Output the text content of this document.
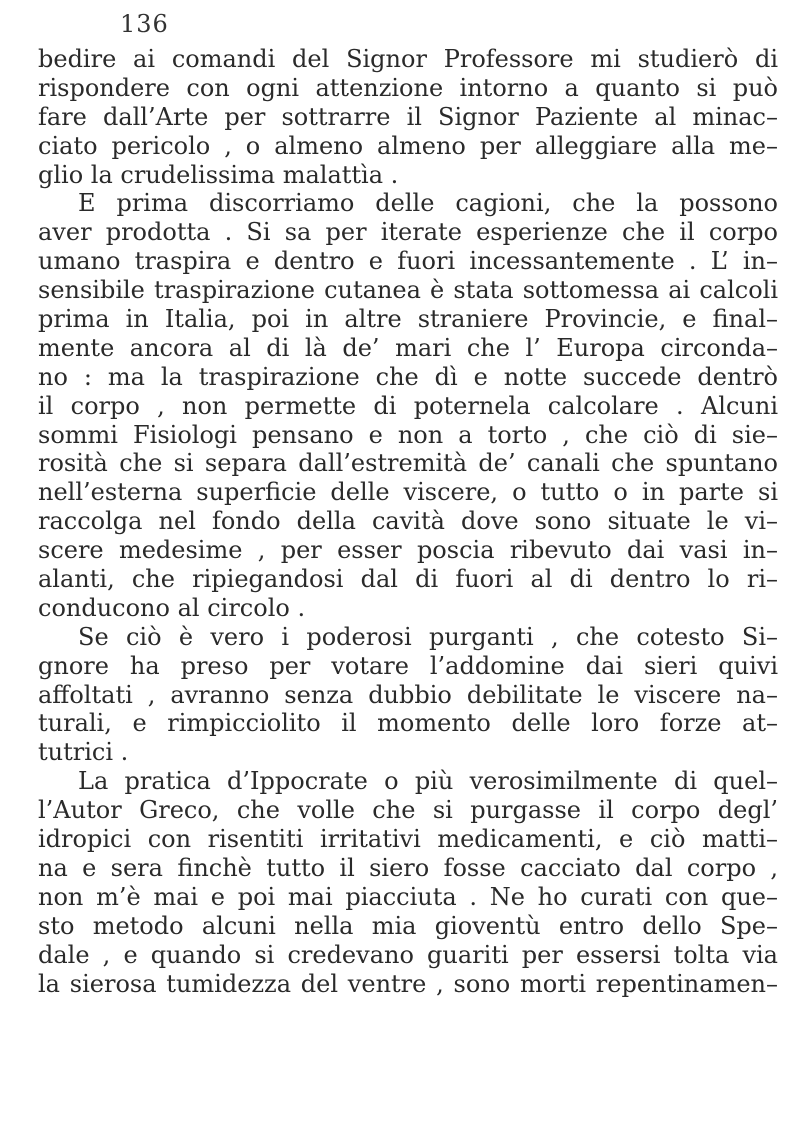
136
bedire ai comandi del Signor Professore mi studierò di
rispondere con ogni attenzione intorno a quanto si può
fare dall’Arte per sottrarre il Signor Paziente al minac–
ciato pericolo , o almeno almeno per alleggiare alla me–
glio la crudelissima malattìa .
E prima discorriamo delle cagioni, che la possono
aver prodotta . Si sa per iterate esperienze che il corpo
umano traspira e dentro e fuori incessantemente . L’ in–
sensibile traspirazione cutanea è stata sottomessa ai calcoli
prima in Italia, poi in altre straniere Provincie, e final–
mente ancora al di là de’ mari che l’ Europa circonda–
no : ma la traspirazione che dì e notte succede dentrò
il corpo , non permette di poternela calcolare . Alcuni
sommi Fisiologi pensano e non a torto , che ciò di sie–
rosità che si separa dall’estremità de’ canali che spuntano
nell’esterna superficie delle viscere, o tutto o in parte si
raccolga nel fondo della cavità dove sono situate le vi–
scere medesime , per esser poscia ribevuto dai vasi in–
alanti, che ripiegandosi dal di fuori al di dentro lo ri–
conducono al circolo .
Se ciò è vero i poderosi purganti , che cotesto Si–
gnore ha preso per votare l’addomine dai sieri quivi
affoltati , avranno senza dubbio debilitate le viscere na–
turali, e rimpicciolito il momento delle loro forze at–
tutrici .
La pratica d’Ippocrate o più verosimilmente di quel–
l’Autor Greco, che volle che si purgasse il corpo degl’
idropici con risentiti irritativi medicamenti, e ciò matti–
na e sera finchè tutto il siero fosse cacciato dal corpo ,
non m’è mai e poi mai piacciuta . Ne ho curati con que–
sto metodo alcuni nella mia gioventù entro dello Spe–
dale , e quando si credevano guariti per essersi tolta via
la sierosa tumidezza del ventre , sono morti repentinamen–
